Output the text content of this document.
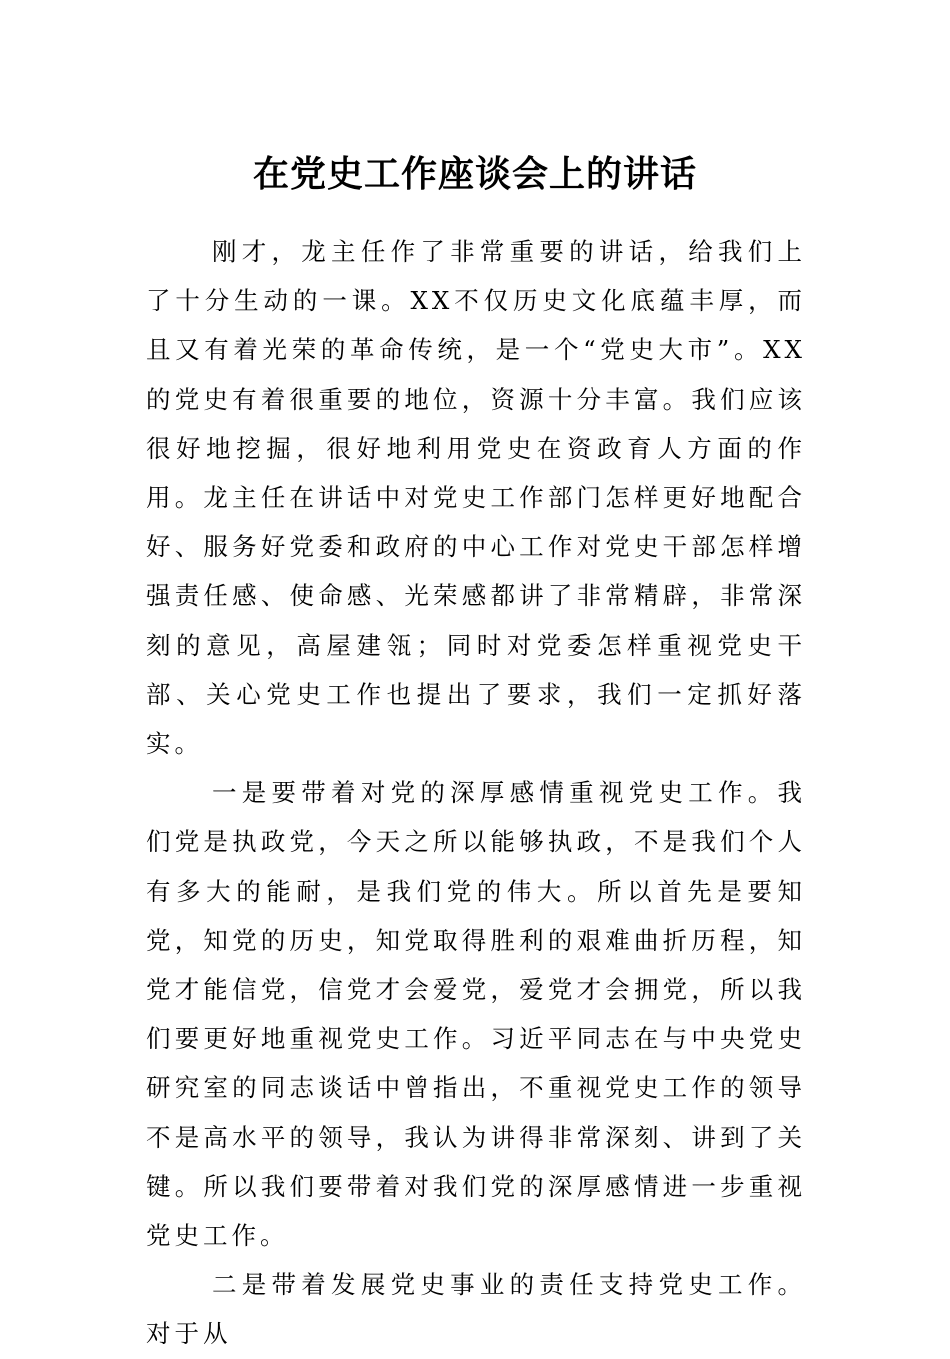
在党史工作座谈会上的讲话

刚才，龙主任作了非常重要的讲话，给我们上了十分生动的一课。XX不仅历史文化底蕴丰厚，而且又有着光荣的革命传统，是一个“党史大市”。XX的党史有着很重要的地位，资源十分丰富。我们应该很好地挖掘，很好地利用党史在资政育人方面的作用。龙主任在讲话中对党史工作部门怎样更好地配合好、服务好党委和政府的中心工作对党史干部怎样增强责任感、使命感、光荣感都讲了非常精辟，非常深刻的意见，高屋建瓴；同时对党委怎样重视党史干部、关心党史工作也提出了要求，我们一定抓好落实。

一是要带着对党的深厚感情重视党史工作。我们党是执政党，今天之所以能够执政，不是我们个人有多大的能耐，是我们党的伟大。所以首先是要知党，知党的历史，知党取得胜利的艰难曲折历程，知党才能信党，信党才会爱党，爱党才会拥党，所以我们要更好地重视党史工作。习近平同志在与中央党史研究室的同志谈话中曾指出，不重视党史工作的领导不是高水平的领导，我认为讲得非常深刻、讲到了关键。所以我们要带着对我们党的深厚感情进一步重视党史工作。

二是带着发展党史事业的责任支持党史工作。对于从
